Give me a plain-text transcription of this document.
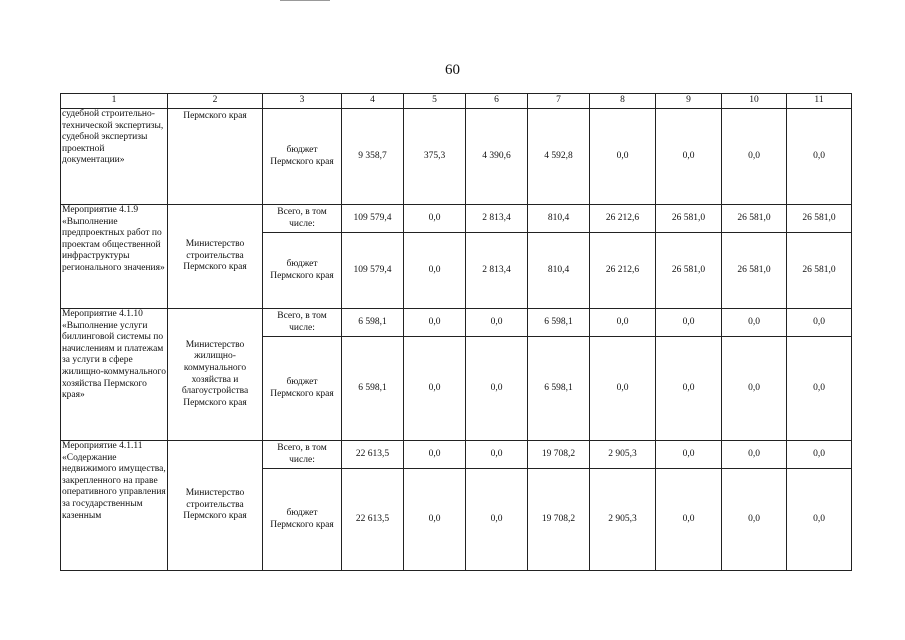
60
1	2	3	4	5	6	7	8	9	10	11
судебной строительно-технической экспертизы, судебной экспертизы проектной документации»	Пермского края	бюджет Пермского края	9 358,7	375,3	4 390,6	4 592,8	0,0	0,0	0,0	0,0
Мероприятие 4.1.9 «Выполнение предпроектных работ по проектам общественной инфраструктуры регионального значения»	Министерство строительства Пермского края	Всего, в том числе:	109 579,4	0,0	2 813,4	810,4	26 212,6	26 581,0	26 581,0	26 581,0
		бюджет Пермского края	109 579,4	0,0	2 813,4	810,4	26 212,6	26 581,0	26 581,0	26 581,0
Мероприятие 4.1.10 «Выполнение услуги биллинговой системы по начислениям и платежам за услуги в сфере жилищно-коммунального хозяйства Пермского края»	Министерство жилищно-коммунального хозяйства и благоустройства Пермского края	Всего, в том числе:	6 598,1	0,0	0,0	6 598,1	0,0	0,0	0,0	0,0
		бюджет Пермского края	6 598,1	0,0	0,0	6 598,1	0,0	0,0	0,0	0,0
Мероприятие 4.1.11 «Содержание недвижимого имущества, закрепленного на праве оперативного управления за государственным казенным	Министерство строительства Пермского края	Всего, в том числе:	22 613,5	0,0	0,0	19 708,2	2 905,3	0,0	0,0	0,0
		бюджет Пермского края	22 613,5	0,0	0,0	19 708,2	2 905,3	0,0	0,0	0,0
